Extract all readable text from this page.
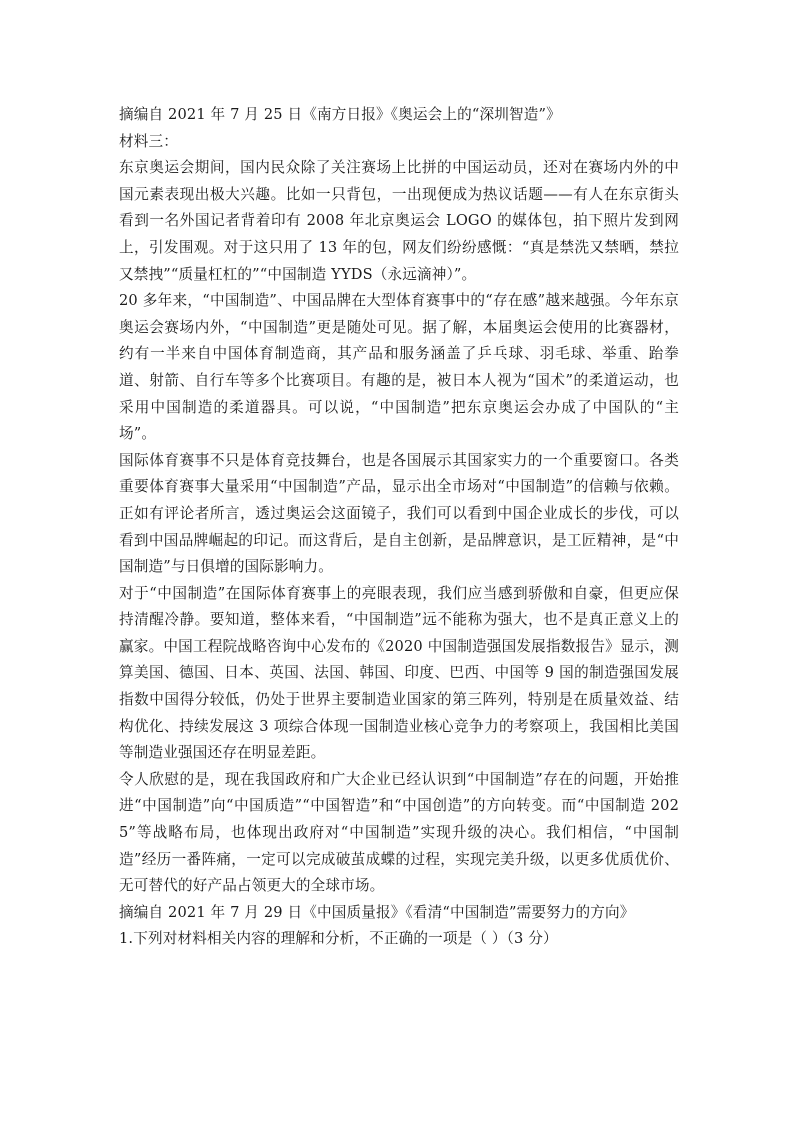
摘编自 2021 年 7 月 25 日《南方日报》《奥运会上的“深圳智造”》

材料三：

东京奥运会期间，国内民众除了关注赛场上比拼的中国运动员，还对在赛场内外的中国元素表现出极大兴趣。比如一只背包，一出现便成为热议话题——有人在东京街头看到一名外国记者背着印有 2008 年北京奥运会 LOGO 的媒体包，拍下照片发到网上，引发围观。对于这只用了 13 年的包，网友们纷纷感慨：“真是禁洗又禁晒，禁拉又禁拽”“质量杠杠的”“中国制造 YYDS（永远滴神）”。

20 多年来，“中国制造”、中国品牌在大型体育赛事中的“存在感”越来越强。今年东京奥运会赛场内外，“中国制造”更是随处可见。据了解，本届奥运会使用的比赛器材，约有一半来自中国体育制造商，其产品和服务涵盖了乒乓球、羽毛球、举重、跆拳道、射箭、自行车等多个比赛项目。有趣的是，被日本人视为“国术”的柔道运动，也采用中国制造的柔道器具。可以说，“中国制造”把东京奥运会办成了中国队的“主场”。

国际体育赛事不只是体育竞技舞台，也是各国展示其国家实力的一个重要窗口。各类重要体育赛事大量采用“中国制造”产品，显示出全市场对“中国制造”的信赖与依赖。正如有评论者所言，透过奥运会这面镜子，我们可以看到中国企业成长的步伐，可以看到中国品牌崛起的印记。而这背后，是自主创新，是品牌意识，是工匠精神，是“中国制造”与日俱增的国际影响力。

对于“中国制造”在国际体育赛事上的亮眼表现，我们应当感到骄傲和自豪，但更应保持清醒冷静。要知道，整体来看，“中国制造”远不能称为强大，也不是真正意义上的赢家。中国工程院战略咨询中心发布的《2020 中国制造强国发展指数报告》显示，测算美国、德国、日本、英国、法国、韩国、印度、巴西、中国等 9 国的制造强国发展指数中国得分较低，仍处于世界主要制造业国家的第三阵列，特别是在质量效益、结构优化、持续发展这 3 项综合体现一国制造业核心竞争力的考察项上，我国相比美国等制造业强国还存在明显差距。

令人欣慰的是，现在我国政府和广大企业已经认识到“中国制造”存在的问题，开始推进“中国制造”向“中国质造”“中国智造”和“中国创造”的方向转变。而“中国制造 2025”等战略布局，也体现出政府对“中国制造”实现升级的决心。我们相信，“中国制造”经历一番阵痛，一定可以完成破茧成蝶的过程，实现完美升级，以更多优质优价、无可替代的好产品占领更大的全球市场。

摘编自 2021 年 7 月 29 日《中国质量报》《看清“中国制造”需要努力的方向》

1.下列对材料相关内容的理解和分析，不正确的一项是（ ）（3 分）
